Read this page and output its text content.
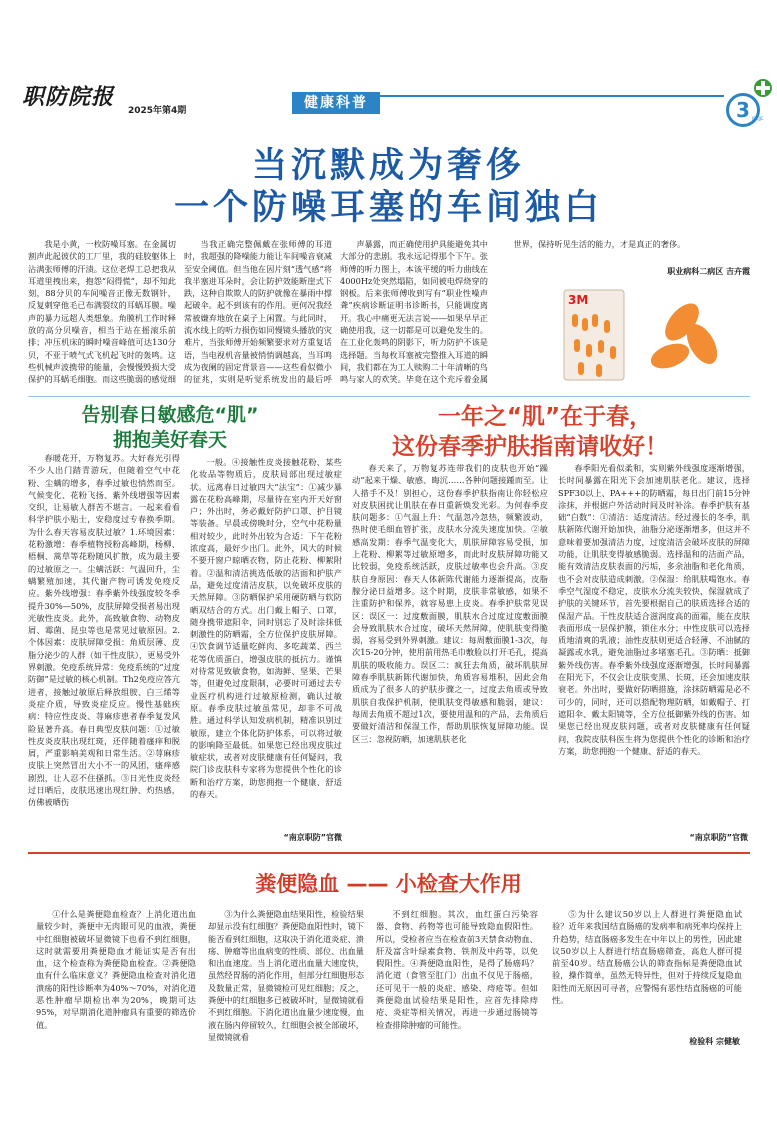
职防院报
2025年第4期	健康科普	3 JSZJJC
当沉默成为奢侈
一个防噪耳塞的车间独白

我是小黄，一枚防噪耳塞。在金属切割声此起彼伏的工厂里，我的硅胶躯体上沾满张师傅的汗渍。这位老焊工总把我从耳道里拽出来，抱怨“闷得慌”，却不知此刻，88分贝的车间噪音正像无数钢针，反复刺穿他毛已布满裂纹的耳蜗耳膜。噪声的暴力远超人类想象。角膜机工作时释放的高分贝噪音，相当于站在摇滚乐前排；冲压机床的瞬时噪音峰值可达130分贝，不亚于喷气式飞机起飞时的轰鸣。这些机械声波携带的能量，会慢慢毁损大受保护的耳蜗毛细胞。而这些脆弱的感觉细

当我正确完整佩戴在张师傅的耳道时，我超强的降噪能力能让车间噪音衰减至安全阈值。但当他在因片刻“透气感”将我半塞进耳朵时，会让防护效能断崖式下跌，这种自欺欺人的防护就像在暴雨中撑起破伞。起不到该有的作用。更何况我经常被嫌弃地放在桌子上闲置。与此同时，流水线上的听力损伤如同慢镜头播放的灾难片，当张师傅开始频繁要求对方重复话语，当电视机音量被悄悄调越高，当耳鸣成为夜阑的固定背景音——这些看似微小的征兆，实则是听觉系统发出的最后呼

声暴露，而正确使用护具能避免其中大部分的悲剧。我永远记得那个下午。张师傅的听力图上，本该平缓的听力曲线在4000Hz处突然塌陷，如同被电焊烧穿的钢板。后来张师傅收到写有“职业性噪声聋”疾病诊断证明书诊断书，只能调度离开。我心中痛更无法言说——如果早早正确使用我，这一切都是可以避免发生的。在工业化轰鸣的阴影下，听力防护不该是选择题。当每枚耳塞被完整推入耳道的瞬间，我们都在为工人赎购二十年清晰的鸟鸣与家人的欢笑。毕竟在这个充斥着金属

世界，保持听见生活的能力，才是真正的奢侈。

职业病科二病区 吉卉霞
3M
告别春日敏感危“肌”
拥抱美好春天
一年之“肌”在于春，
这份春季护肤指南请收好！

春暖花开，万物复苏。大好春光引得不少人出门踏青游玩，但随着空气中花粉、尘螨的增多，春季过敏也悄然而至。气候变化、花粉飞扬、紫外线增强等因素交织，让易敏人群苦不堪言。一起来看看科学护肤小贴士，安稳度过专春换季期。为什么春天容易皮肤过敏？1.环境因素：花粉激增：春季植物授粉高峰期，杨柳、梧桐、蒿草等花粉随风扩散，成为最主要的过敏原之一。尘螨活跃：气温回升，尘螨繁殖加速，其代谢产物可诱发免疫反应。紫外线增强：春季紫外线强度较冬季提升30%—50%，皮肤屏障受损者易出现光敏性皮炎。此外，高致敏食物、动物皮屑、霉菌、昆虫等也是常见过敏原因。2.个体因素：皮肤屏障受损：角质层薄、皮脂分泌少的人群（如干性皮肤），更易受外界刺激。免疫系统异常：免疫系统的“过度防御”是过敏的核心机制。Th2免疫应答亢进者，接触过敏原后释放组胺、白三烯等炎症介质，导致炎症反应。慢性基础疾病：特应性皮炎、荨麻疹患者春季复发风险显著升高。春日典型皮肤问题：①过敏性皮炎皮肤出现红斑，还伴随着瘙痒和脱屑，严重影响美观和日常生活。②荨麻疹皮肤上突然冒出大小不一的风团，瘙痒感剧烈，让人忍不住搔抓。③日光性皮炎经过日晒后，皮肤迅速出现红肿、灼热感，仿佛被晒伤

一般。④接触性皮炎接触花粉、某些化妆品等物质后，皮肤局部出现过敏症状。远离春日过敏四大“法宝”：①减少暴露在花粉高峰期，尽量待在室内开天好窗户；外出时，务必戴好防护口罩、护目镜等装备。早晨或傍晚时分，空气中花粉量相对较少，此时外出较为合适：下午花粉浓度高，最好少出门。此外，风大的时候不要开窗户晾晒衣物，防止花粉、柳絮附着。②温和清洁挑选低敏的洁面和护肤产品，避免过度清洁皮肤，以免破坏皮肤的天然屏障。③防晒保护采用硬防晒与软防晒双结合的方式。出门戴上帽子、口罩，随身携带遮阳伞，同时别忘了及时涂抹低刺激性的防晒霜，全方位保护皮肤屏障。④饮食调节适量吃鲜肉、多吃蔬菜、西兰花等优质蛋白，增强皮肤的抵抗力。谨慎对待常见致敏食物，如海鲜、坚果、芒果等，但避免过度限制，必要时可通过去专业医疗机构进行过敏原检测，确认过敏原。春季皮肤过敏虽常见，却非不可战胜。通过科学认知发病机制，精准识别过敏原，建立个体化防护体系，可以将过敏的影响降至最低。如果您已经出现皮肤过敏症状，或者对皮肤健康有任何疑问，我院门诊皮肤科专家将为您提供个性化的诊断和治疗方案，助您拥抱一个健康、舒适的春天。

“南京职防”官微

春天来了，万物复苏连带我们的皮肤也开始“躁动”起来干燥、敏感、晦沉……各种问题接踵而至。让人措手不及！别担心，这份春季护肤指南让你轻松应对皮肤困扰让肌肤在春日重新焕发光彩。为何春季皮肤问题多：①气温上升：气温忽冷忽热，频繁波动，热时使毛细血管扩张，皮肤水分流失速度加快。②敏感高发期：春季气温变化大，肌肤屏障容易受损，加上花粉、柳絮等过敏原增多，而此时皮肤屏障功能又比较弱，免疫系统活跃，皮肤过敏率也会升高。③皮肤自身原因：春天人体新陈代谢能力逐渐提高，皮脂腺分泌日益增多。这个时期，皮肤非常敏感，如果不注重防护和保养，就容易患上皮炎。春季护肤常见误区：误区一：过度敷面膜，肌肤水合过度过度敷面膜会导致肌肤水合过度，破坏天然屏障，使肌肤变得脆弱，容易受到外界刺激。建议：每周敷面膜1-3次，每次15-20分钟，使用前用热毛巾敷脸以打开毛孔，提高肌肤的吸收能力。误区二：疯狂去角质，破坏肌肤屏障春季肌肤新陈代谢加快，角质容易堆积，因此会角质成为了很多人的护肤步骤之一，过度去角质或导致肌肤自我保护机制，使肌肤变得敏感和脆弱，建议：每周去角质不超过1次，要使用温和的产品，去角质后要做好清洁和保湿工作，帮助肌肤恢复屏障功能。误区三：忽视防晒，加速肌肤老化

春季阳光看似柔和，实则紫外线强度逐渐增强，长时间暴露在阳光下会加速肌肤老化。建议，选择SPF30以上、PA+++的防晒霜，每日出门前15分钟涂抹，并根据户外活动时间及时补涂。春季护肤有基础“白数”：①清洁：适度清洁。经过漫长的冬季，肌肤新陈代谢开始加快，油脂分泌逐渐增多，但这并不意味着要加强清洁力度，过度清洁会破坏皮肤的屏障功能，让肌肤变得敏感脆弱。选择温和的洁面产品，能有效清洁皮肤表面的污垢，多余油脂和老化角质，也不会对皮肤造成刺激。②保湿：给肌肤喝饱水。春季空气湿度不稳定，皮肤水分流失较快，保湿就成了护肤的关键环节，首先要根据自己的肤质选择合适的保湿产品。干性皮肤适合滋润度高的面霜，能在皮肤表面形成一层保护膜，锁住水分；中性皮肤可以选择质地清爽的乳液；油性皮肤则更适合轻薄、不油腻的凝露或水乳，避免油脂过多堵塞毛孔。③防晒：抵御紫外线伤害。春季紫外线强度逐渐增强，长时间暴露在阳光下，不仅会让皮肤变黑、长斑，还会加速皮肤衰老。外出时，要做好防晒措施，涂抹防晒霜是必不可少的，同时，还可以搭配物理防晒，如戴帽子、打遮阳伞、戴太阳镜等，全方位抵御紫外线的伤害。如果您已经出现皮肤问题，或者对皮肤健康有任何疑问，我院皮肤科医生将为您提供个性化的诊断和治疗方案，助您拥抱一个健康、舒适的春天。

“南京职防”官微
粪便隐血 —— 小检查大作用

①什么是粪便隐血检查？上消化道出血量较少时，粪便中无肉眼可见的血液，粪便中红细胞被破坏显微镜下也看不到红细胞，这时就需要用粪便隐血才能证实是否有出血，这个检查称为粪便隐血检查。②粪便隐血有什么临床意义？粪便隐血检查对消化道溃疡的阳性诊断率为40%～70%，对消化道恶性肿瘤早期检出率为20%，晚期可达95%，对早期消化道肿瘤具有重要的筛选价值。

③为什么粪便隐血结果阳性，检验结果却显示没有红细胞？粪便隐血阳性时，镜下能否看到红细胞，这取决于消化道炎症、溃疡、肿瘤等出血病变的性质、部位、出血量和出血速度。当上消化道出血量大速度快，虽然经胃肠的消化作用，但部分红细胞形态及数量正常，显微镜检可见红细胞；反之，粪便中的红细胞多已被破坏时，显微镜就看不到红细胞。下消化道出血量少速度慢，血液在肠内停留较久，红细胞会被全部破坏，显微镜就看

不到红细胞。其次，血红蛋白污染容器、食物、药物等也可能导致隐血假阳性。所以，受检者应当在检查前3天禁食动物血、肝及富含叶绿素食物、铁剂及中药等，以免假阳性。④粪便隐血阳性，是得了肠癌吗？消化道（食管至肛门）出血不仅见于肠癌，还可见于一般的炎症、感染、痔疮等。但如粪便隐血试验结果是阳性，应首先排除痔疮、炎症等相关情况，再进一步通过肠镜等检查排除肿瘤的可能性。

⑤为什么建议50岁以上人群进行粪便隐血试验？近年来我国结直肠癌的发病率和病死率均保持上升趋势，结直肠癌多发生在中年以上的男性，因此建议50岁以上人群进行结直肠癌筛查，高危人群可提前至40岁。结直肠癌公认的筛查指标是粪便隐血试验，操作简单，虽然无特异性，但对于持续反复隐血阳性而无原因可寻者，应警惕有恶性结直肠癌的可能性。

检验科 宗健敏
